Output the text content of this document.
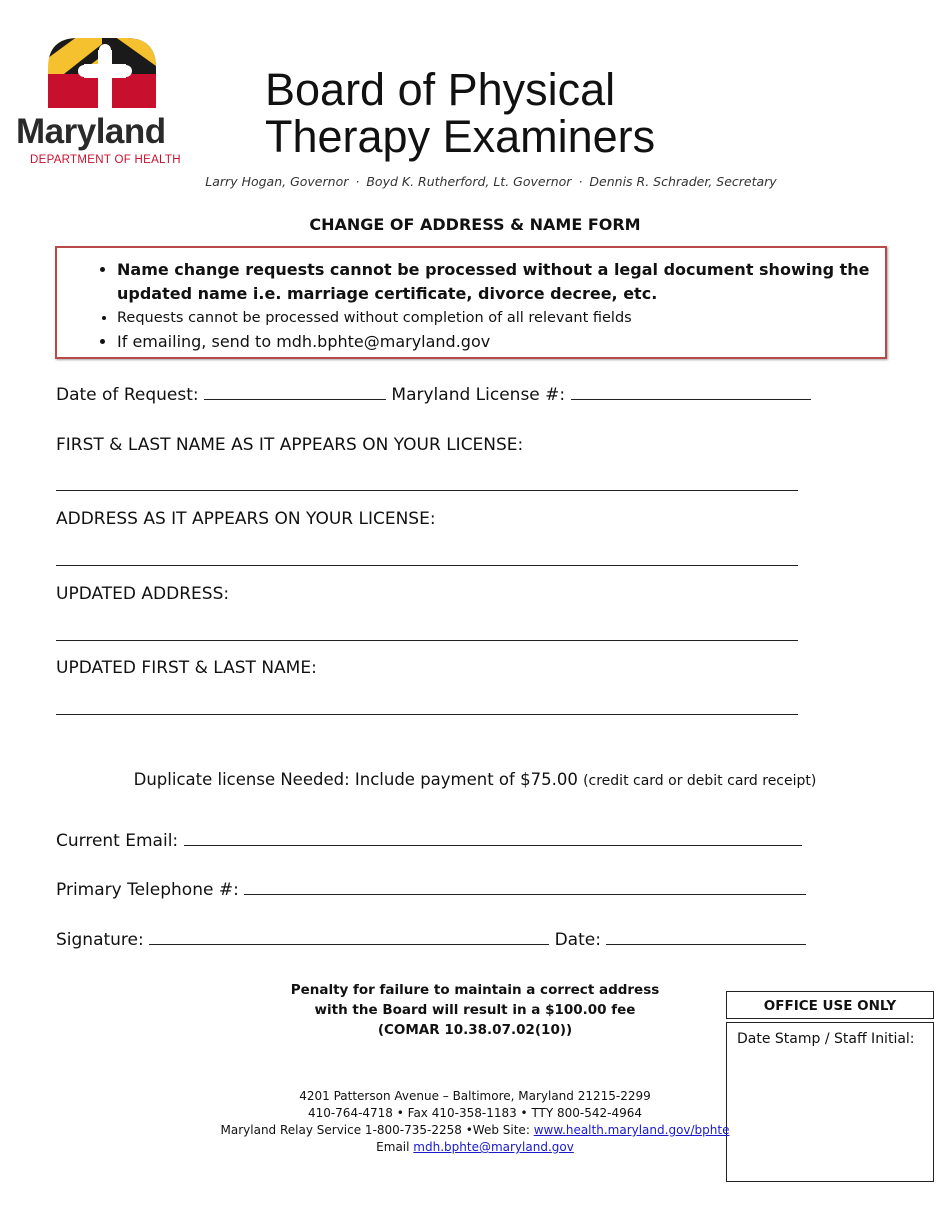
Maryland
DEPARTMENT OF HEALTH
Board of Physical
Therapy Examiners
Larry Hogan, Governor · Boyd K. Rutherford, Lt. Governor · Dennis R. Schrader, Secretary
CHANGE OF ADDRESS & NAME FORM
• Name change requests cannot be processed without a legal document showing the updated name i.e. marriage certificate, divorce decree, etc.
• Requests cannot be processed without completion of all relevant fields
• If emailing, send to mdh.bphte@maryland.gov
Date of Request:	Maryland License #:
FIRST & LAST NAME AS IT APPEARS ON YOUR LICENSE:
ADDRESS AS IT APPEARS ON YOUR LICENSE:
UPDATED ADDRESS:
UPDATED FIRST & LAST NAME:
Duplicate license Needed: Include payment of $75.00 (credit card or debit card receipt)
Current Email:
Primary Telephone #:
Signature:	Date:
Penalty for failure to maintain a correct address
with the Board will result in a $100.00 fee
(COMAR 10.38.07.02(10))
OFFICE USE ONLY
Date Stamp / Staff Initial:
4201 Patterson Avenue – Baltimore, Maryland 21215-2299
410-764-4718 • Fax 410-358-1183 • TTY 800-542-4964
Maryland Relay Service 1-800-735-2258 •Web Site: www.health.maryland.gov/bphte
Email mdh.bphte@maryland.gov
